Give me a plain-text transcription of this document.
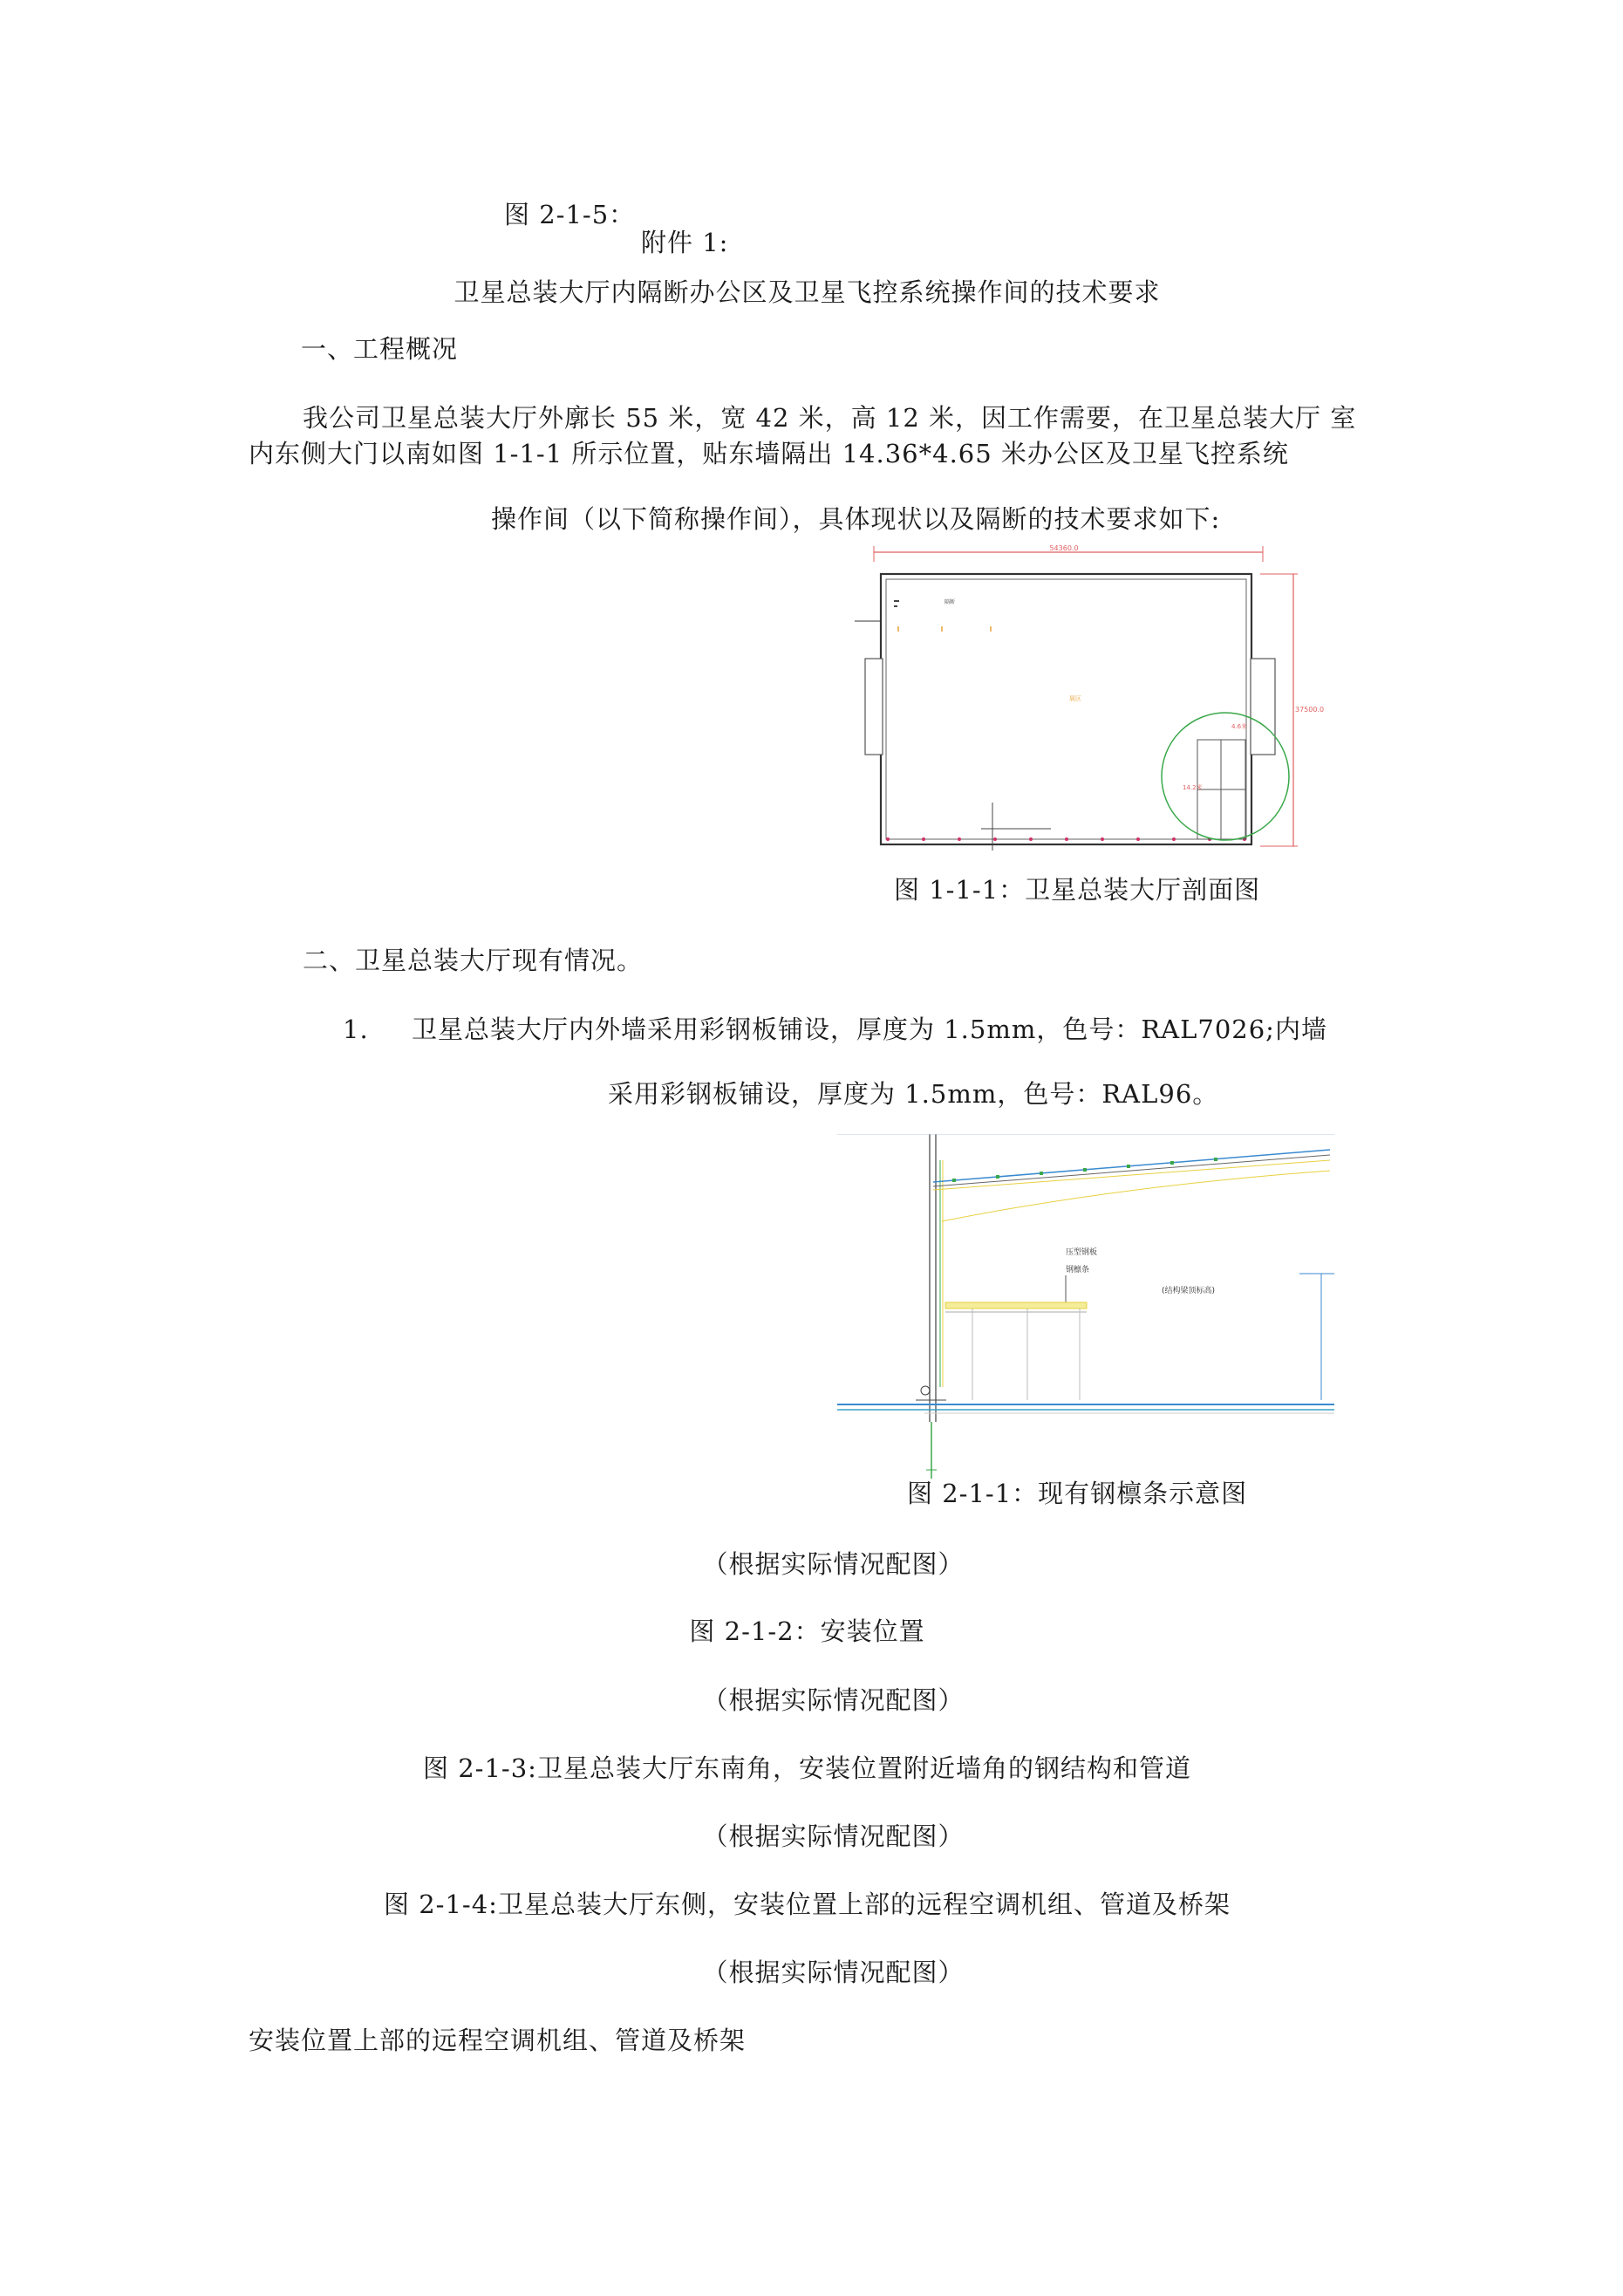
图 2-1-5：
附件 1:
卫星总装大厅内隔断办公区及卫星飞控系统操作间的技术要求
一、工程概况
我公司卫星总装大厅外廓长 55 米，宽 42 米，高 12 米，因工作需要，在卫星总装大厅 室
内东侧大门以南如图 1-1-1 所示位置，贴东墙隔出 14.36*4.65 米办公区及卫星飞控系统
操作间（以下简称操作间），具体现状以及隔断的技术要求如下:
54360.0
37500.0
隔断
展区
4.6米
14.2米
图 1-1-1：卫星总装大厅剖面图
二、卫星总装大厅现有情况。
1. 卫星总装大厅内外墙采用彩钢板铺设，厚度为 1.5mm，色号：RAL7026;内墙
采用彩钢板铺设，厚度为 1.5mm，色号：RAL96。
压型钢板
钢檩条
(结构梁顶标高)
图 2-1-1：现有钢檩条示意图
（根据实际情况配图）
图 2-1-2：安装位置
（根据实际情况配图）
图 2-1-3:卫星总装大厅东南角，安装位置附近墙角的钢结构和管道
（根据实际情况配图）
图 2-1-4:卫星总装大厅东侧，安装位置上部的远程空调机组、管道及桥架
（根据实际情况配图）
安装位置上部的远程空调机组、管道及桥架
